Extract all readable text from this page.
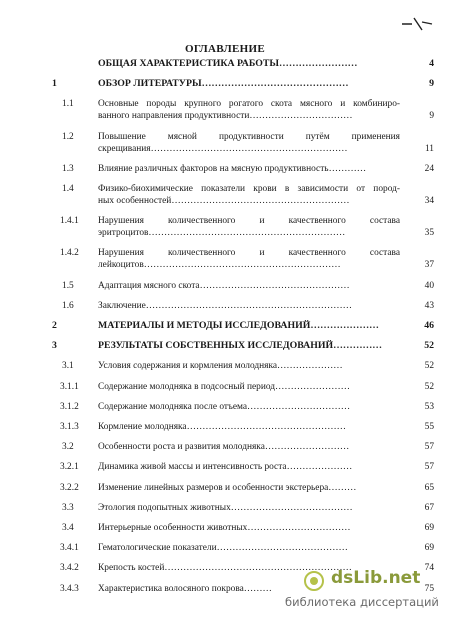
ОГЛАВЛЕНИЕ
ОБЩАЯ ХАРАКТЕРИСТИКА РАБОТЫ……………………	4
1	ОБЗОР ЛИТЕРАТУРЫ………………………………………	9
1.1	Основные породы крупного рогатого скота мясного и комбиниро-
ванного направления продуктивности……………………………	9
1.2	Повышение мясной продуктивности путём применения
скрещивания………………………………………………………	11
1.3	Влияние различных факторов на мясную продуктивность…………	24
1.4	Физико-биохимические показатели крови в зависимости от пород-
ных особенностей…………………………………………………	34
1.4.1 Нарушения количественного и качественного состава
эритроцитов………………………………………………………	35
1.4.2 Нарушения количественного и качественного состава
лейкоцитов………………………………………………………	37
1.5	Адаптация мясного скота…………………………………………	40
1.6	Заключение…………………………………………………………	43
2	МАТЕРИАЛЫ И МЕТОДЫ ИССЛЕДОВАНИЙ…………………	46
3	РЕЗУЛЬТАТЫ СОБСТВЕННЫХ ИССЛЕДОВАНИЙ……………	52
3.1	Условия содержания и кормления молодняка…………………	52
3.1.1 Содержание молодняка в подсосный период……………………	52
3.1.2 Содержание молодняка после отъема……………………………	53
3.1.3 Кормление молодняка……………………………………………	55
3.2	Особенности роста и развития молодняка………………………	57
3.2.1 Динамика живой массы и интенсивность роста…………………	57
3.2.2 Изменение линейных размеров и особенности экстерьера………	65
3.3	Этология подопытных животных…………………………………	67
3.4	Интерьерные особенности животных……………………………	69
3.4.1 Гематологические показатели……………………………………	69
3.4.2 Крепость костей……………………………………………………	74
3.4.3 Характеристика волосяного покрова………	75
dsLib.net
библиотека диссертаций
